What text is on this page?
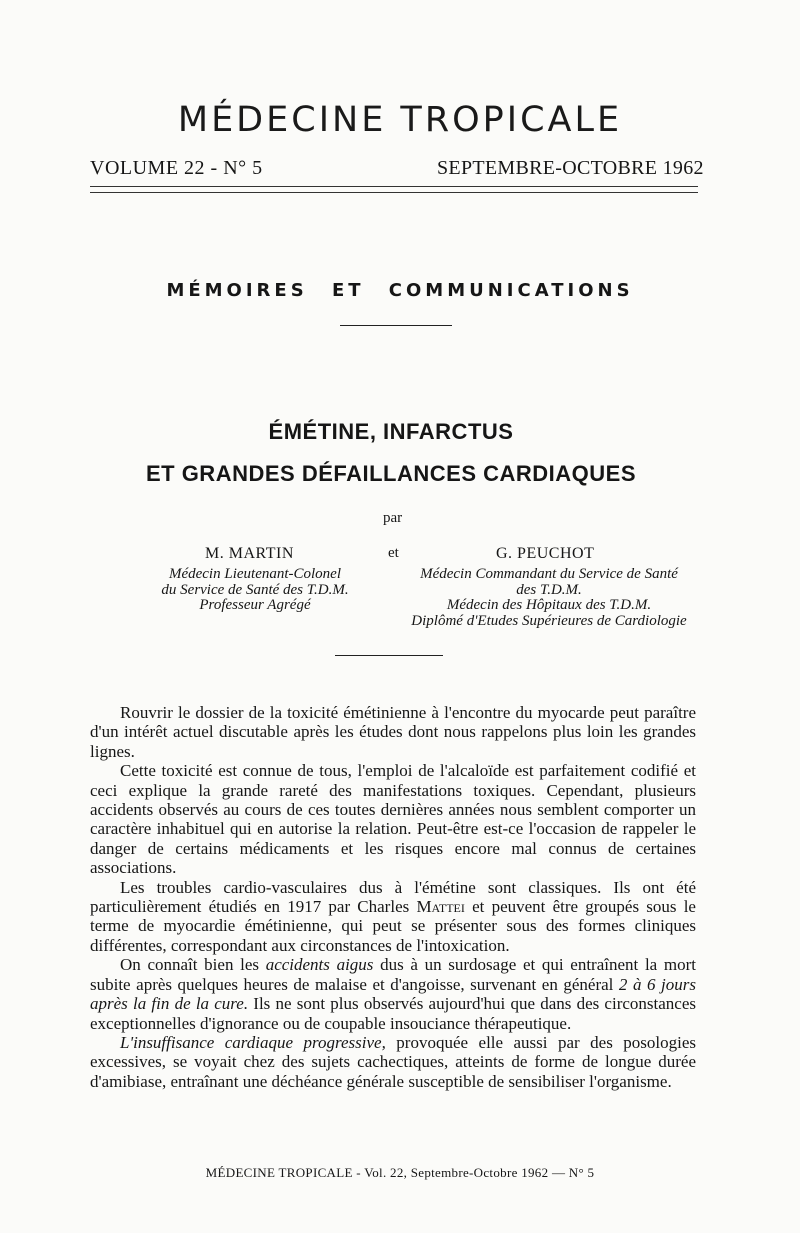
MÉDECINE TROPICALE
VOLUME 22 - N° 5	SEPTEMBRE-OCTOBRE 1962
MÉMOIRES ET COMMUNICATIONS
ÉMÉTINE, INFARCTUS
ET GRANDES DÉFAILLANCES CARDIAQUES
par
M. MARTIN	et	G. PEUCHOT
Médecin Lieutenant-Colonel
du Service de Santé des T.D.M.
Professeur Agrégé
Médecin Commandant du Service de Santé
des T.D.M.
Médecin des Hôpitaux des T.D.M.
Diplômé d'Etudes Supérieures de Cardiologie

Rouvrir le dossier de la toxicité émétinienne à l'encontre du myocarde peut paraître d'un intérêt actuel discutable après les études dont nous rappelons plus loin les grandes lignes.

Cette toxicité est connue de tous, l'emploi de l'alcaloïde est parfaitement codifié et ceci explique la grande rareté des manifestations toxiques. Cependant, plusieurs accidents observés au cours de ces toutes dernières années nous semblent comporter un caractère inhabituel qui en autorise la relation. Peut-être est-ce l'occasion de rappeler le danger de certains médicaments et les risques encore mal connus de certaines associations.

Les troubles cardio-vasculaires dus à l'émétine sont classiques. Ils ont été particulièrement étudiés en 1917 par Charles Mattei et peuvent être groupés sous le terme de myocardie émétinienne, qui peut se présenter sous des formes cliniques différentes, correspondant aux circonstances de l'intoxication.

On connaît bien les accidents aigus dus à un surdosage et qui entraînent la mort subite après quelques heures de malaise et d'angoisse, survenant en général 2 à 6 jours après la fin de la cure. Ils ne sont plus observés aujourd'hui que dans des circonstances exceptionnelles d'ignorance ou de coupable insouciance thérapeutique.

L'insuffisance cardiaque progressive, provoquée elle aussi par des posologies excessives, se voyait chez des sujets cachectiques, atteints de forme de longue durée d'amibiase, entraînant une déchéance générale susceptible de sensibiliser l'organisme.

MÉDECINE TROPICALE - Vol. 22, Septembre-Octobre 1962 — N° 5
